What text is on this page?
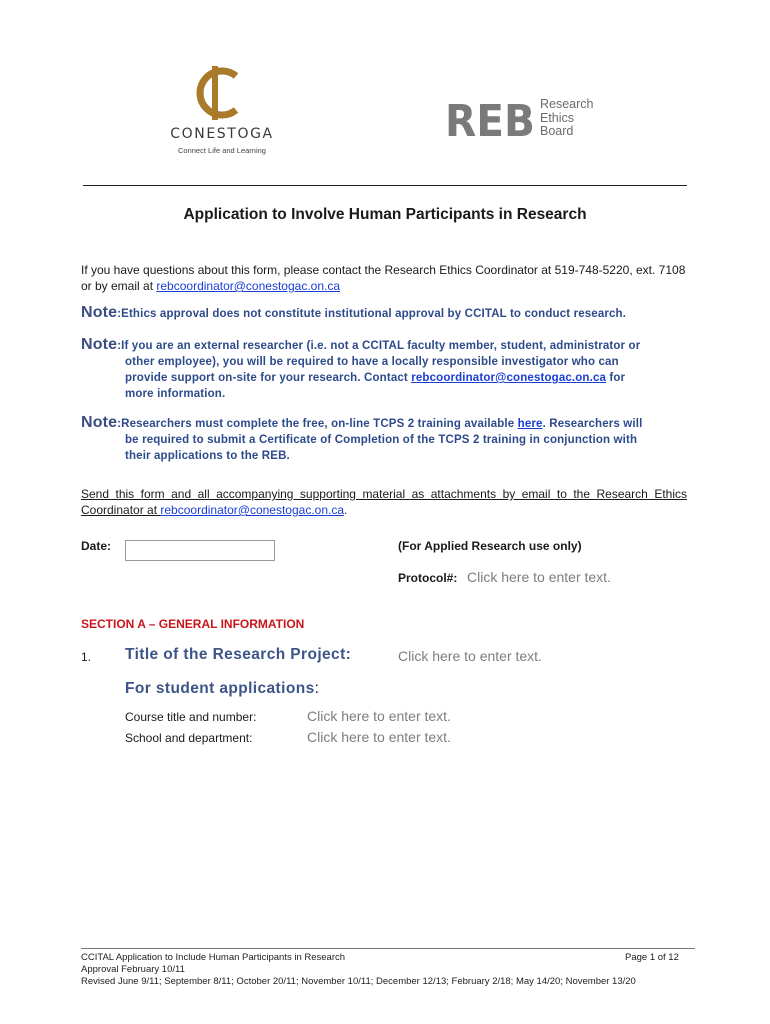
CONESTOGA
Connect Life and Learning
REB Research
Ethics
Board
Application to Involve Human Participants in Research
If you have questions about this form, please contact the Research Ethics Coordinator at 519-748-5220, ext. 7108 or by email at rebcoordinator@conestogac.on.ca
Note:Ethics approval does not constitute institutional approval by CCITAL to conduct research.
Note:If you are an external researcher (i.e. not a CCITAL faculty member, student, administrator or
other employee), you will be required to have a locally responsible investigator who can
provide support on-site for your research. Contact rebcoordinator@conestogac.on.ca for
more information.
Note:Researchers must complete the free, on-line TCPS 2 training available here. Researchers will
be required to submit a Certificate of Completion of the TCPS 2 training in conjunction with
their applications to the REB.
Send this form and all accompanying supporting material as attachments by email to the Research Ethics Coordinator at rebcoordinator@conestogac.on.ca.
Date:	(For Applied Research use only)
Protocol#: Click here to enter text.
SECTION A – GENERAL INFORMATION
1. Title of the Research Project:	Click here to enter text.
For student applications:
Course title and number:	Click here to enter text.
School and department:	Click here to enter text.
CCITAL Application to Include Human Participants in Research	Page 1 of 12
Approval February 10/11
Revised June 9/11; September 8/11; October 20/11; November 10/11; December 12/13; February 2/18; May 14/20; November 13/20
